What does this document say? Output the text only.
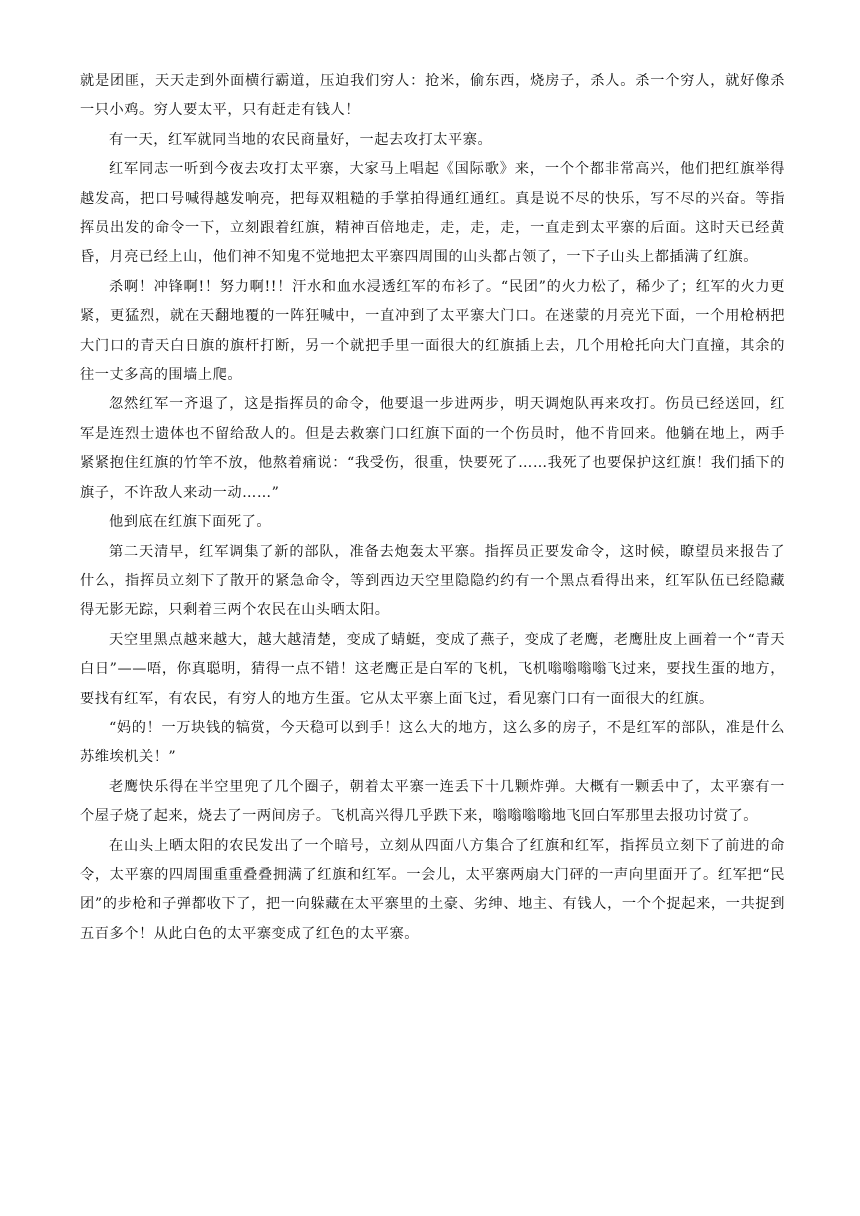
就是团匪，天天走到外面横行霸道，压迫我们穷人：抢米，偷东西，烧房子，杀人。杀一个穷人，就好像杀一只小鸡。穷人要太平，只有赶走有钱人！

有一天，红军就同当地的农民商量好，一起去攻打太平寨。

红军同志一听到今夜去攻打太平寨，大家马上唱起《国际歌》来，一个个都非常高兴，他们把红旗举得越发高，把口号喊得越发响亮，把每双粗糙的手掌拍得通红通红。真是说不尽的快乐，写不尽的兴奋。等指挥员出发的命令一下，立刻跟着红旗，精神百倍地走，走，走，走，一直走到太平寨的后面。这时天已经黄昏，月亮已经上山，他们神不知鬼不觉地把太平寨四周围的山头都占领了，一下子山头上都插满了红旗。

杀啊！冲锋啊!！努力啊!!！汗水和血水浸透红军的布衫了。“民团”的火力松了，稀少了；红军的火力更紧，更猛烈，就在天翻地覆的一阵狂喊中，一直冲到了太平寨大门口。在迷蒙的月亮光下面，一个用枪柄把大门口的青天白日旗的旗杆打断，另一个就把手里一面很大的红旗插上去，几个用枪托向大门直撞，其余的往一丈多高的围墙上爬。

忽然红军一齐退了，这是指挥员的命令，他要退一步进两步，明天调炮队再来攻打。伤员已经送回，红军是连烈士遗体也不留给敌人的。但是去救寨门口红旗下面的一个伤员时，他不肯回来。他躺在地上，两手紧紧抱住红旗的竹竿不放，他熬着痛说：“我受伤，很重，快要死了……我死了也要保护这红旗！我们插下的旗子，不许敌人来动一动……”

他到底在红旗下面死了。

第二天清早，红军调集了新的部队，准备去炮轰太平寨。指挥员正要发命令，这时候，瞭望员来报告了什么，指挥员立刻下了散开的紧急命令，等到西边天空里隐隐约约有一个黑点看得出来，红军队伍已经隐藏得无影无踪，只剩着三两个农民在山头晒太阳。

天空里黑点越来越大，越大越清楚，变成了蜻蜓，变成了燕子，变成了老鹰，老鹰肚皮上画着一个“青天白日”——唔，你真聪明，猜得一点不错！这老鹰正是白军的飞机，飞机嗡嗡嗡嗡飞过来，要找生蛋的地方，要找有红军，有农民，有穷人的地方生蛋。它从太平寨上面飞过，看见寨门口有一面很大的红旗。

“妈的！一万块钱的犒赏，今天稳可以到手！这么大的地方，这么多的房子，不是红军的部队，准是什么苏维埃机关！”

老鹰快乐得在半空里兜了几个圈子，朝着太平寨一连丢下十几颗炸弹。大概有一颗丢中了，太平寨有一个屋子烧了起来，烧去了一两间房子。飞机高兴得几乎跌下来，嗡嗡嗡嗡地飞回白军那里去报功讨赏了。

在山头上晒太阳的农民发出了一个暗号，立刻从四面八方集合了红旗和红军，指挥员立刻下了前进的命令，太平寨的四周围重重叠叠拥满了红旗和红军。一会儿，太平寨两扇大门砰的一声向里面开了。红军把“民团”的步枪和子弹都收下了，把一向躲藏在太平寨里的土豪、劣绅、地主、有钱人，一个个捉起来，一共捉到五百多个！从此白色的太平寨变成了红色的太平寨。
